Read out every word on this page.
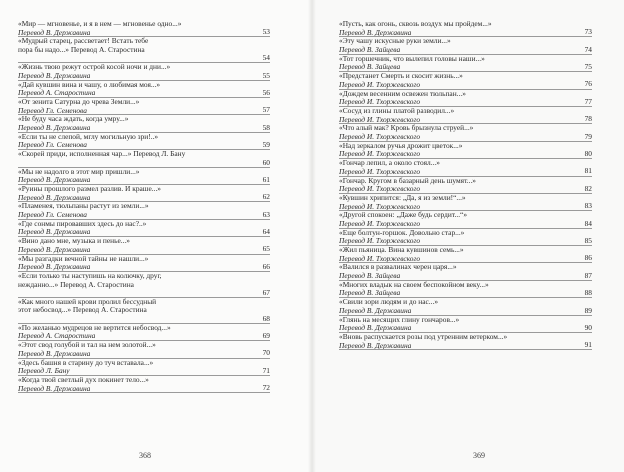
«Мир — мгновенье, и я в нем — мгновенье одно...»
Перевод В. Державина	53
«Мудрый старец, рассветает! Встать тебе
пора бы надо...» Перевод А. Старостина
54
«Жизнь твою режут острой косой ночи и дни...»
Перевод В. Державина	55
«Дай кувшин вина и чашу, о любимая моя...»
Перевод А. Старостина	56
«От зенита Сатурна до чрева Земли...»
Перевод Гл. Семенова	57
«Не буду часа ждать, когда умру...»
Перевод В. Державина	58
«Если ты не слепой, мглу могильную зри!..»
Перевод Гл. Семенова	59
«Скорей приди, исполненная чар...» Перевод Л. Бану
60
«Мы не надолго в этот мир пришли...»
Перевод В. Державина	61
«Руины прошлого размел разлив. И краше...»
Перевод В. Державина	62
«Пламенея, тюльпаны растут из земли...»
Перевод Гл. Семенова	63
«Где сонмы пировавших здесь до нас?..»
Перевод В. Державина	64
«Вино дано мне, музыка и пенье...»
Перевод В. Державина	65
«Мы разгадки вечной тайны не нашли...»
Перевод В. Державина	66
«Если только ты наступишь на колючку, друг,
нежданно...» Перевод А. Старостина
67
«Как много нашей крови пролил бессудный
этот небосвод...» Перевод А. Старостина
68
«По желанью мудрецов не вертится небосвод...»
Перевод А. Старостина	69
«Этот свод голубой и тал на нем золотой...»
Перевод В. Державина	70
«Здесь башня в старину до туч вставала...»
Перевод Л. Бану	71
«Когда твой светлый дух покинет тело...»
Перевод В. Державина	72
368
«Пусть, как огонь, сквозь воздух мы пройдем...»
Перевод В. Державина	73
«Эту чашу искусные руки земли...»
Перевод В. Зайцева	74
«Тот горшечник, что вылепил головы наши...»
Перевод В. Зайцева	75
«Предстанет Смерть и скосит жизнь...»
Перевод И. Тхоржевского	76
«Дождем весенним освежен тюльпан...»
Перевод И. Тхоржевского	77
«Сосуд из глины платой разводил...»
Перевод И. Тхоржевского	78
«Что алый мак? Кровь брызнула струей...»
Перевод И. Тхоржевского	79
«Над зеркалом ручья дрожит цветок...»
Перевод И. Тхоржевского	80
«Гончар лепил, а около стоял...»
Перевод И. Тхоржевского	81
«Гончар. Кругом в базарный день шумят...»
Перевод И. Тхоржевского	82
«Кувшин хрипится: „Да, я из земли!“...»
Перевод И. Тхоржевского	83
«Другой спокоен: „Даже будь сердит...“»
Перевод И. Тхоржевского	84
«Еще болтун-горшок. Довольно стар...»
Перевод И. Тхоржевского	85
«Жил пьяница. Вина кувшинов семь...»
Перевод И. Тхоржевского	86
«Валился в развалинах черен царя...»
Перевод В. Зайцева	87
«Многих владык на своем беспокойном веку...»
Перевод В. Зайцева	88
«Свили зори людям и до нас...»
Перевод В. Державина	89
«Глянь на месящих глину гончаров...»
Перевод В. Державина	90
«Вновь распускается розы под утренним ветерком...»
Перевод В. Державина	91
369
